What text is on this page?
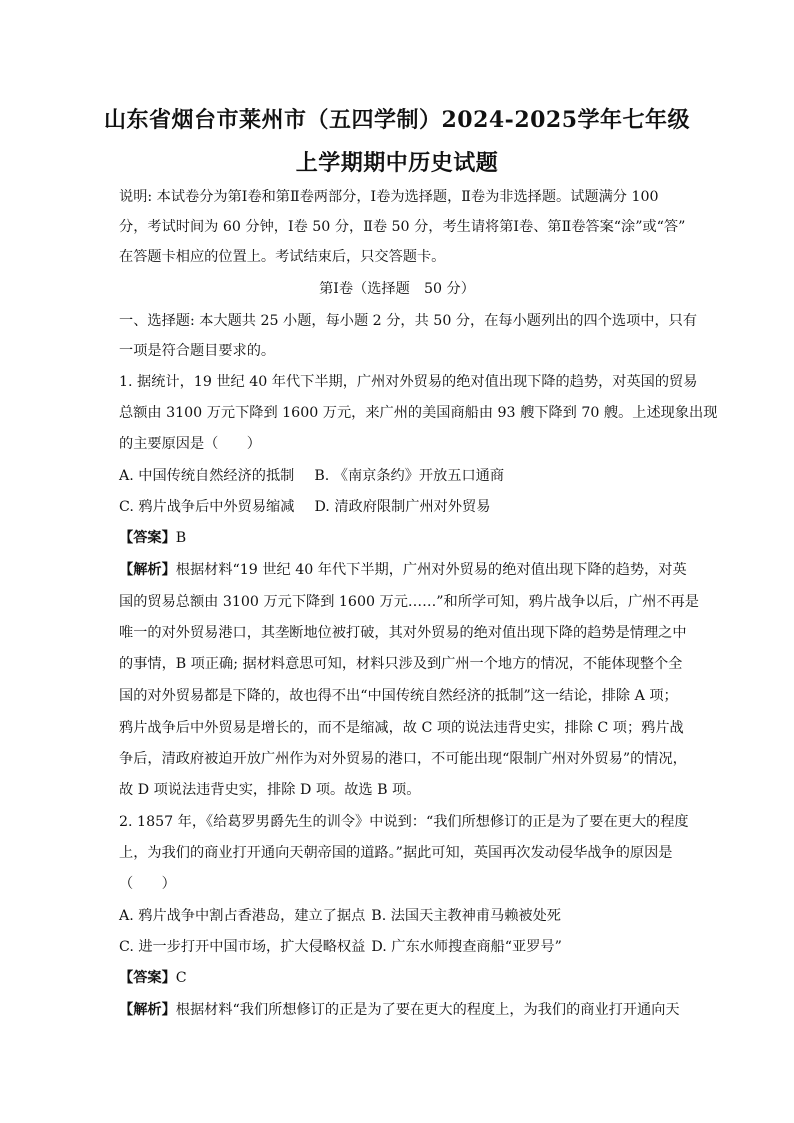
山东省烟台市莱州市（五四学制）2024-2025学年七年级
上学期期中历史试题
说明: 本试卷分为第Ⅰ卷和第Ⅱ卷两部分，Ⅰ卷为选择题，Ⅱ卷为非选择题。试题满分 100
分，考试时间为 60 分钟，Ⅰ卷 50 分，Ⅱ卷 50 分，考生请将第Ⅰ卷、第Ⅱ卷答案“涂”或“答”
在答题卡相应的位置上。考试结束后，只交答题卡。
第Ⅰ卷（选择题　50 分）
一、选择题: 本大题共 25 小题，每小题 2 分，共 50 分，在每小题列出的四个选项中，只有
一项是符合题目要求的。
1. 据统计，19 世纪 40 年代下半期，广州对外贸易的绝对值出现下降的趋势，对英国的贸易
总额由 3100 万元下降到 1600 万元，来广州的美国商船由 93 艘下降到 70 艘。上述现象出现
的主要原因是（　　）
A. 中国传统自然经济的抵制 B. 《南京条约》开放五口通商
C. 鸦片战争后中外贸易缩减 D. 清政府限制广州对外贸易
【答案】B
【解析】根据材料“19 世纪 40 年代下半期，广州对外贸易的绝对值出现下降的趋势，对英
国的贸易总额由 3100 万元下降到 1600 万元……”和所学可知，鸦片战争以后，广州不再是
唯一的对外贸易港口，其垄断地位被打破，其对外贸易的绝对值出现下降的趋势是情理之中
的事情，B 项正确; 据材料意思可知，材料只涉及到广州一个地方的情况，不能体现整个全
国的对外贸易都是下降的，故也得不出“中国传统自然经济的抵制”这一结论，排除 A 项；
鸦片战争后中外贸易是增长的，而不是缩减，故 C 项的说法违背史实，排除 C 项；鸦片战
争后，清政府被迫开放广州作为对外贸易的港口，不可能出现“限制广州对外贸易”的情况，
故 D 项说法违背史实，排除 D 项。故选 B 项。
2. 1857 年，《给葛罗男爵先生的训令》中说到：“我们所想修订的正是为了要在更大的程度
上，为我们的商业打开通向天朝帝国的道路。”据此可知，英国再次发动侵华战争的原因是
（　　）
A. 鸦片战争中割占香港岛，建立了据点 B. 法国天主教神甫马赖被处死
C. 进一步打开中国市场，扩大侵略权益 D. 广东水师搜查商船“亚罗号”
【答案】C
【解析】根据材料“我们所想修订的正是为了要在更大的程度上，为我们的商业打开通向天
